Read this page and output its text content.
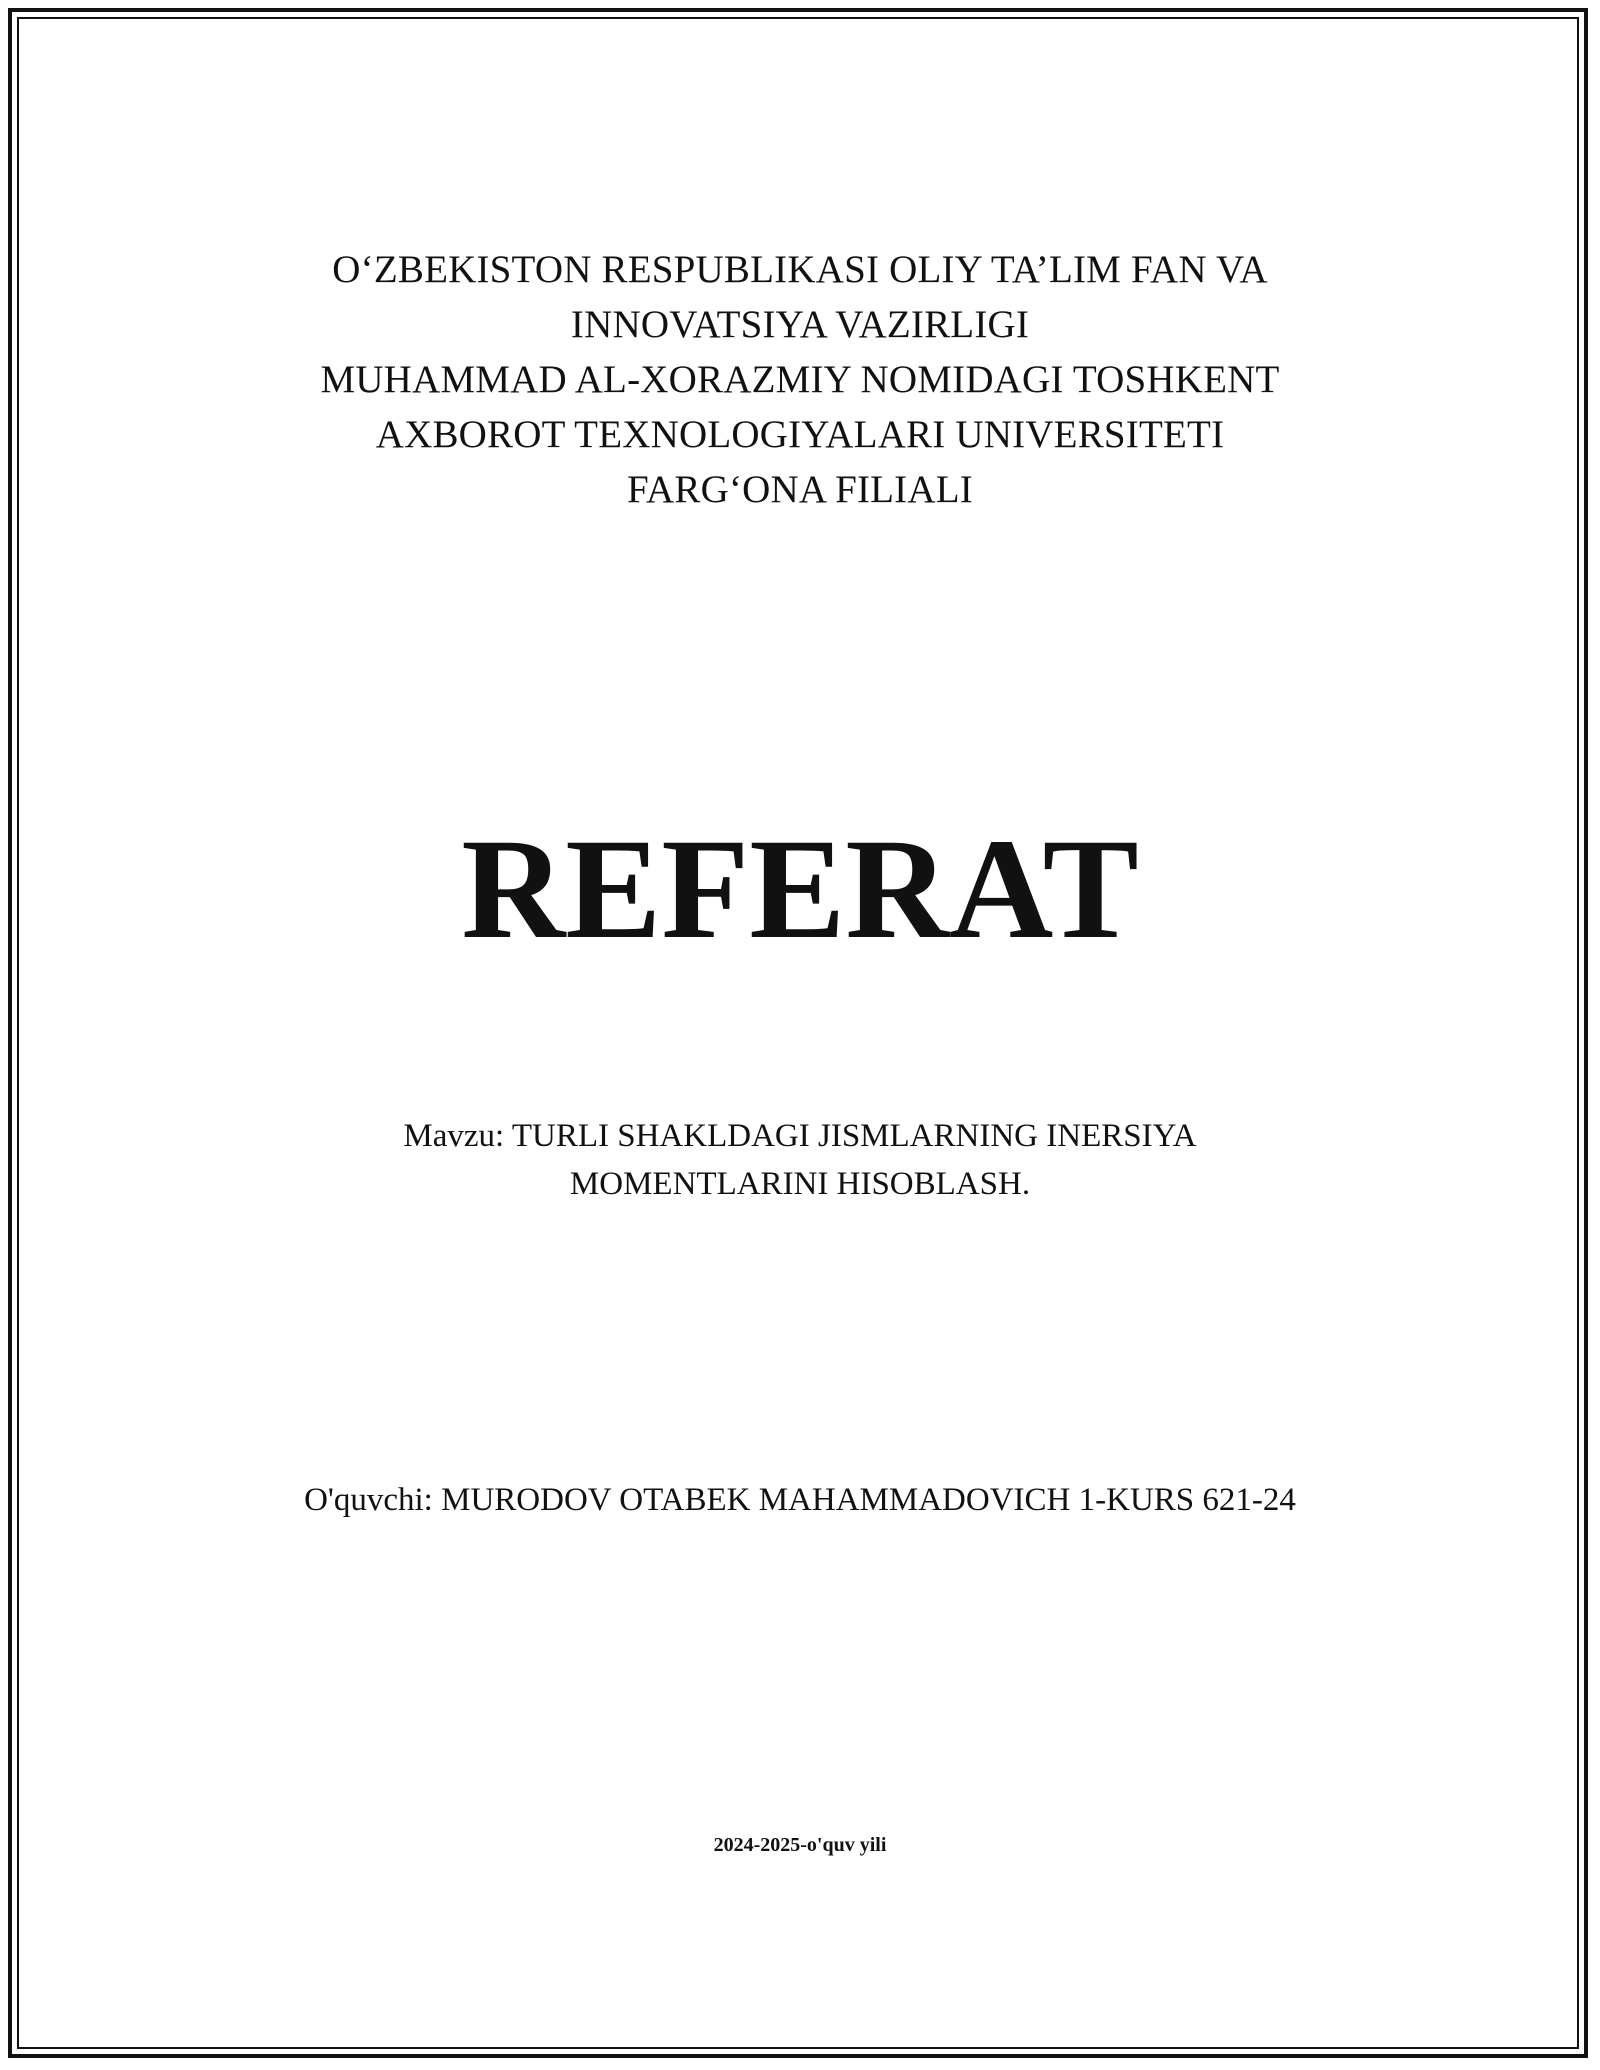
O‘ZBEKISTON RESPUBLIKASI OLIY TA’LIM FAN VA
INNOVATSIYA VAZIRLIGI
MUHAMMAD AL-XORAZMIY NOMIDAGI TOSHKENT
AXBOROT TEXNOLOGIYALARI UNIVERSITETI
FARG‘ONA FILIALI
REFERAT
Mavzu: TURLI SHAKLDAGI JISMLARNING INERSIYA
MOMENTLARINI HISOBLASH.
O'quvchi: MURODOV OTABEK MAHAMMADOVICH 1-KURS 621-24
2024-2025-o'quv yili
